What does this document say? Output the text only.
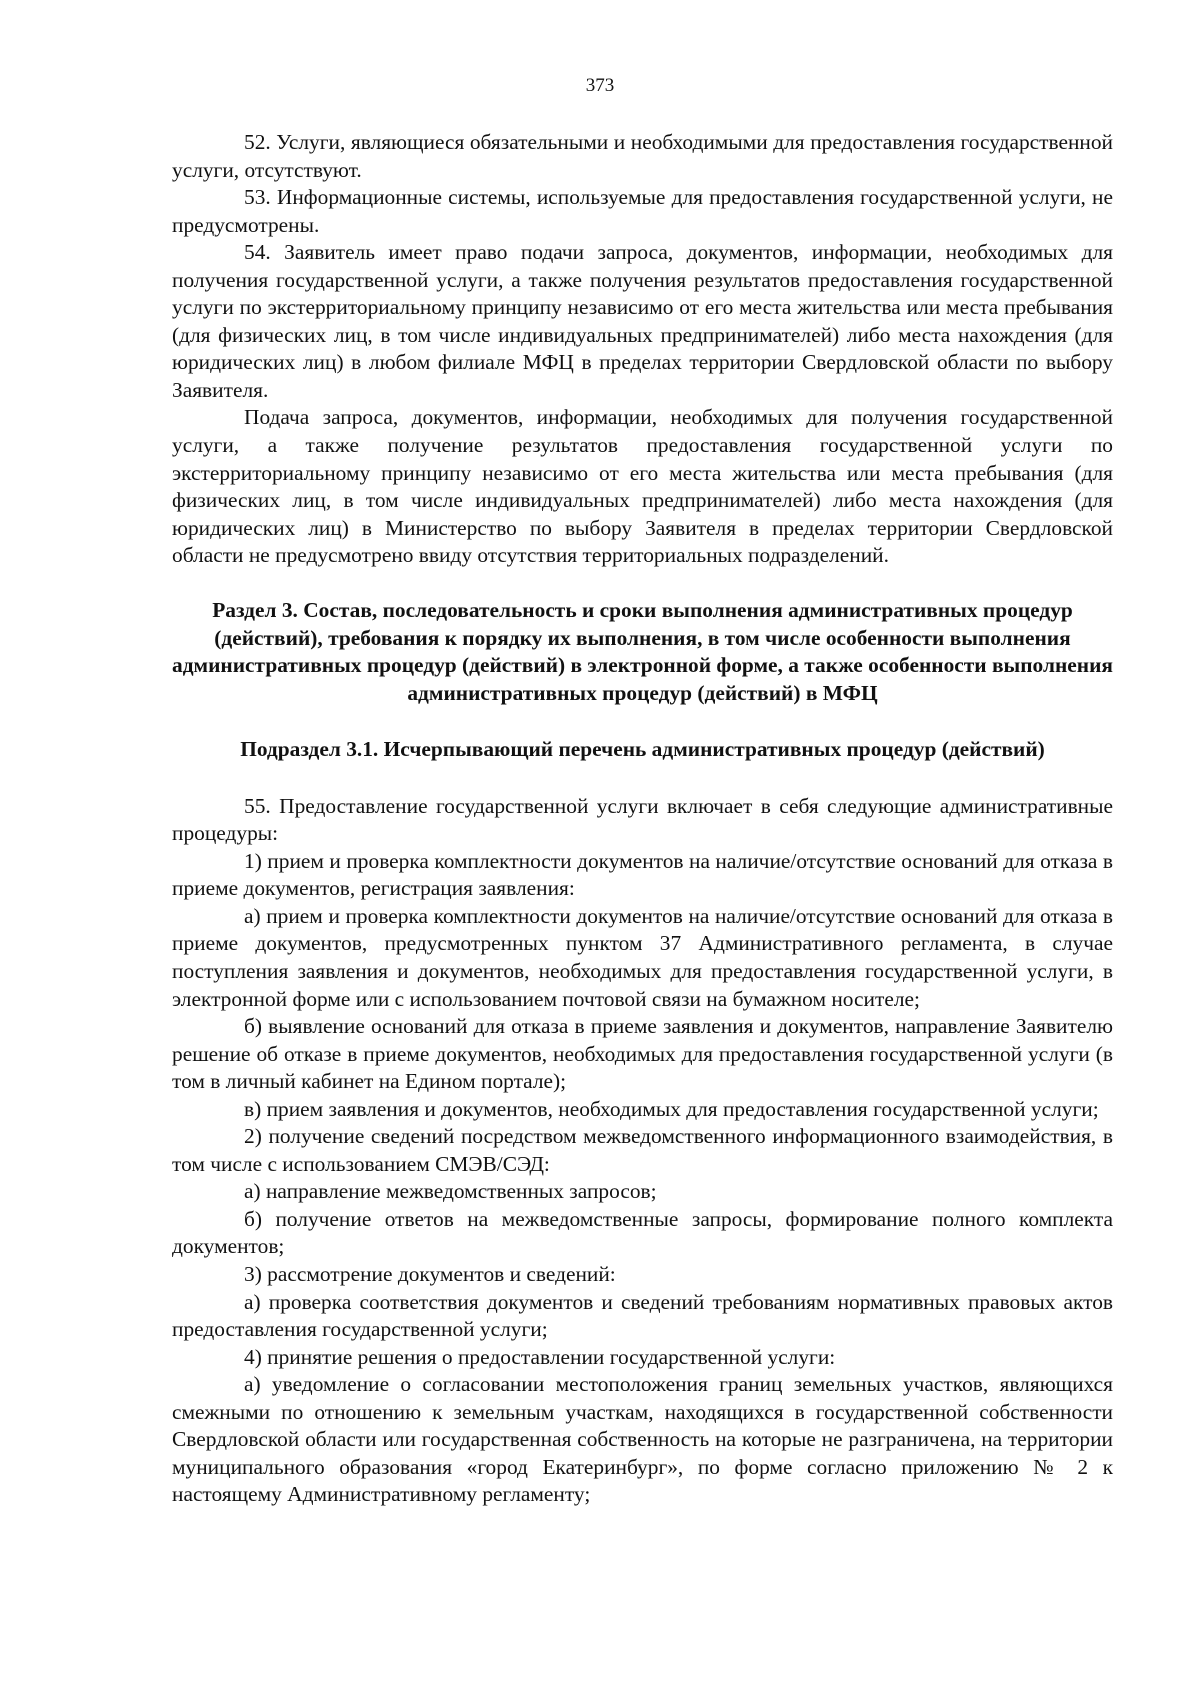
373

52. Услуги, являющиеся обязательными и необходимыми для предоставления государственной услуги, отсутствуют.

53. Информационные системы, используемые для предоставления государственной услуги, не предусмотрены.

54. Заявитель имеет право подачи запроса, документов, информации, необходимых для получения государственной услуги, а также получения результатов предоставления государственной услуги по экстерриториальному принципу независимо от его места жительства или места пребывания (для физических лиц, в том числе индивидуальных предпринимателей) либо места нахождения (для юридических лиц) в любом филиале МФЦ в пределах территории Свердловской области по выбору Заявителя.

Подача запроса, документов, информации, необходимых для получения государственной услуги, а также получение результатов предоставления государственной услуги по экстерриториальному принципу независимо от его места жительства или места пребывания (для физических лиц, в том числе индивидуальных предпринимателей) либо места нахождения (для юридических лиц) в Министерство по выбору Заявителя в пределах территории Свердловской области не предусмотрено ввиду отсутствия территориальных подразделений.

Раздел 3. Состав, последовательность и сроки выполнения административных процедур (действий), требования к порядку их выполнения, в том числе особенности выполнения административных процедур (действий) в электронной форме, а также особенности выполнения административных процедур (действий) в МФЦ

Подраздел 3.1. Исчерпывающий перечень административных процедур (действий)

55. Предоставление государственной услуги включает в себя следующие административные процедуры:

1) прием и проверка комплектности документов на наличие/отсутствие оснований для отказа в приеме документов, регистрация заявления:

а) прием и проверка комплектности документов на наличие/отсутствие оснований для отказа в приеме документов, предусмотренных пунктом 37 Административного регламента, в случае поступления заявления и документов, необходимых для предоставления государственной услуги, в электронной форме или с использованием почтовой связи на бумажном носителе;

б) выявление оснований для отказа в приеме заявления и документов, направление Заявителю решение об отказе в приеме документов, необходимых для предоставления государственной услуги (в том в личный кабинет на Едином портале);

в) прием заявления и документов, необходимых для предоставления государственной услуги;

2) получение сведений посредством межведомственного информационного взаимодействия, в том числе с использованием СМЭВ/СЭД:

а) направление межведомственных запросов;

б) получение ответов на межведомственные запросы, формирование полного комплекта документов;

3) рассмотрение документов и сведений:

а) проверка соответствия документов и сведений требованиям нормативных правовых актов предоставления государственной услуги;

4) принятие решения о предоставлении государственной услуги:

а) уведомление о согласовании местоположения границ земельных участков, являющихся смежными по отношению к земельным участкам, находящихся в государственной собственности Свердловской области или государственная собственность на которые не разграничена, на территории муниципального образования «город Екатеринбург», по форме согласно приложению № 2 к настоящему Административному регламенту;
